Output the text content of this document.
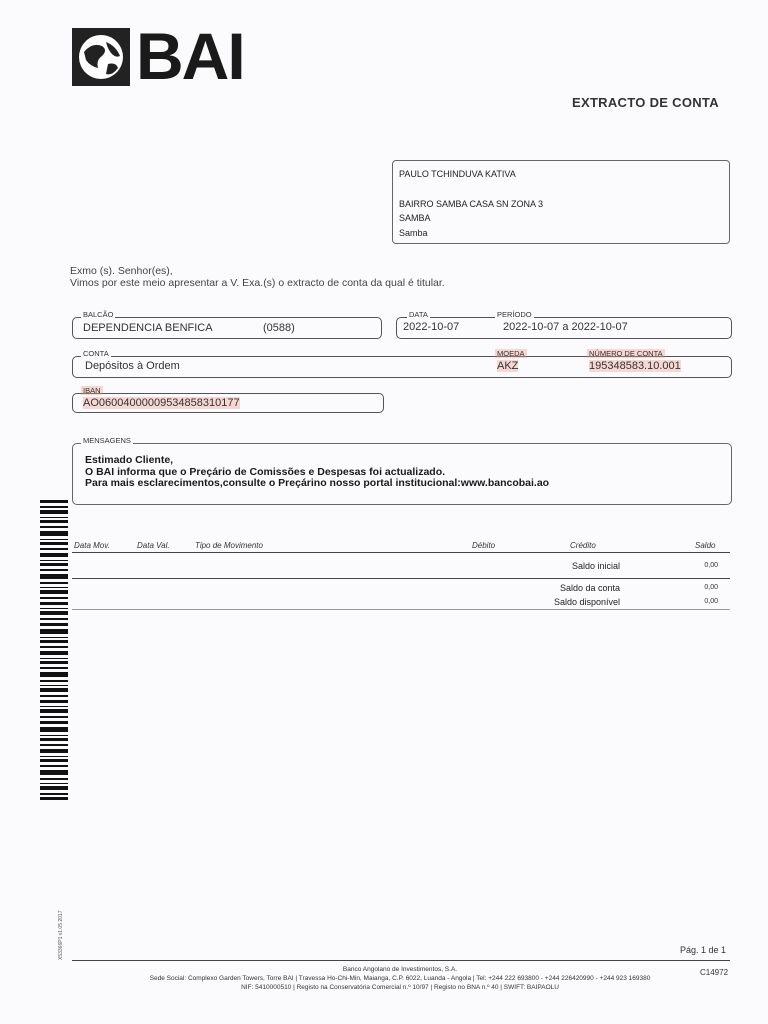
BAI
EXTRACTO DE CONTA
PAULO TCHINDUVA KATIVA
BAIRRO SAMBA CASA SN ZONA 3
SAMBA
Samba
Exmo (s). Senhor(es),
Vimos por este meio apresentar a V. Exa.(s) o extracto de conta da qual é titular.
BALCÃO
DEPENDENCIA BENFICA	(0588)
DATA	PERÍODO
2022-10-07	2022-10-07 a 2022-10-07
CONTA	MOEDA	NÚMERO DE CONTA
Depósitos à Ordem	AKZ	195348583.10.001
IBAN
AO06004000009534858310177
MENSAGENS
Estimado Cliente,
O BAI informa que o Preçário de Comissões e Despesas foi actualizado.
Para mais esclarecimentos,consulte o Preçárino nosso portal institucional:www.bancobai.ao
Data Mov.	Data Val.	Tipo de Movimento	Débito	Crédito	Saldo
Saldo inicial	0,00
Saldo da conta	0,00
Saldo disponível	0,00
X53366P1 v1.05 2017	Pág. 1 de 1
Banco Angolano de Investimentos, S.A.
Sede Social: Complexo Garden Towers, Torre BAI | Travessa Ho-Chi-Min, Maianga, C.P. 6022, Luanda - Angola | Tel: +244 222 693800 - +244 226420990 - +244 923 169380
NIF: 5410000510 | Registo na Conservatória Comercial n.º 10/97 | Registo no BNA n.º 40 | SWIFT: BAIPAOLU
C14972
